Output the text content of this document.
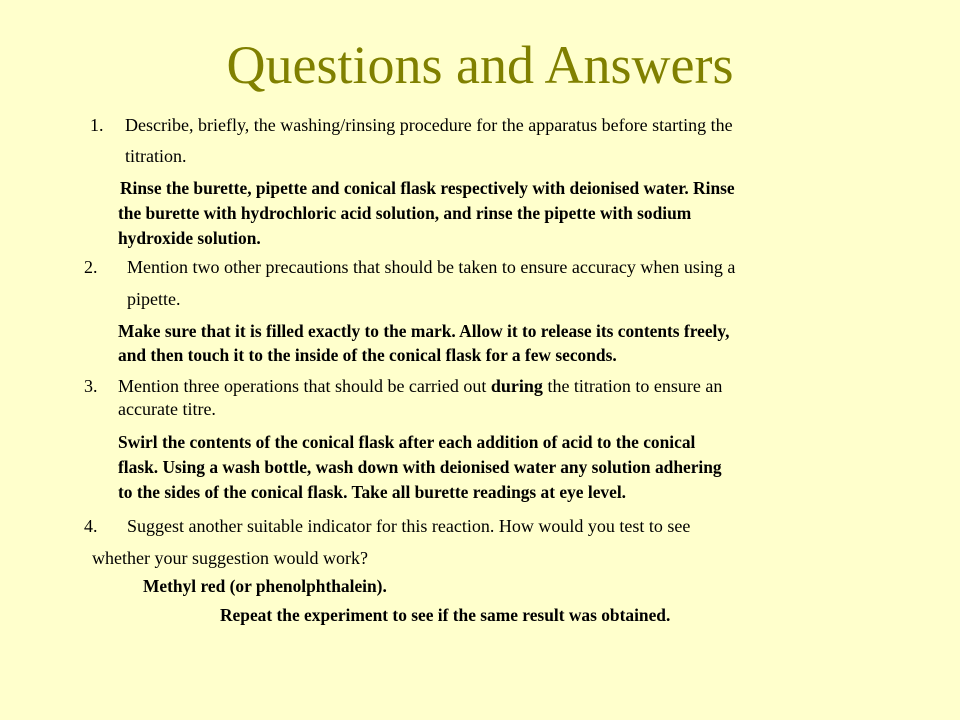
Questions and Answers
1. Describe, briefly, the washing/rinsing procedure for the apparatus before starting the
titration.
Rinse the burette, pipette and conical flask respectively with deionised water. Rinse
the burette with hydrochloric acid solution, and rinse the pipette with sodium
hydroxide solution.
2. Mention two other precautions that should be taken to ensure accuracy when using a
pipette.
Make sure that it is filled exactly to the mark. Allow it to release its contents freely,
and then touch it to the inside of the conical flask for a few seconds.
3. Mention three operations that should be carried out during the titration to ensure an
accurate titre.
Swirl the contents of the conical flask after each addition of acid to the conical
flask. Using a wash bottle, wash down with deionised water any solution adhering
to the sides of the conical flask. Take all burette readings at eye level.
4. Suggest another suitable indicator for this reaction. How would you test to see
whether your suggestion would work?
Methyl red (or phenolphthalein).
Repeat the experiment to see if the same result was obtained.
